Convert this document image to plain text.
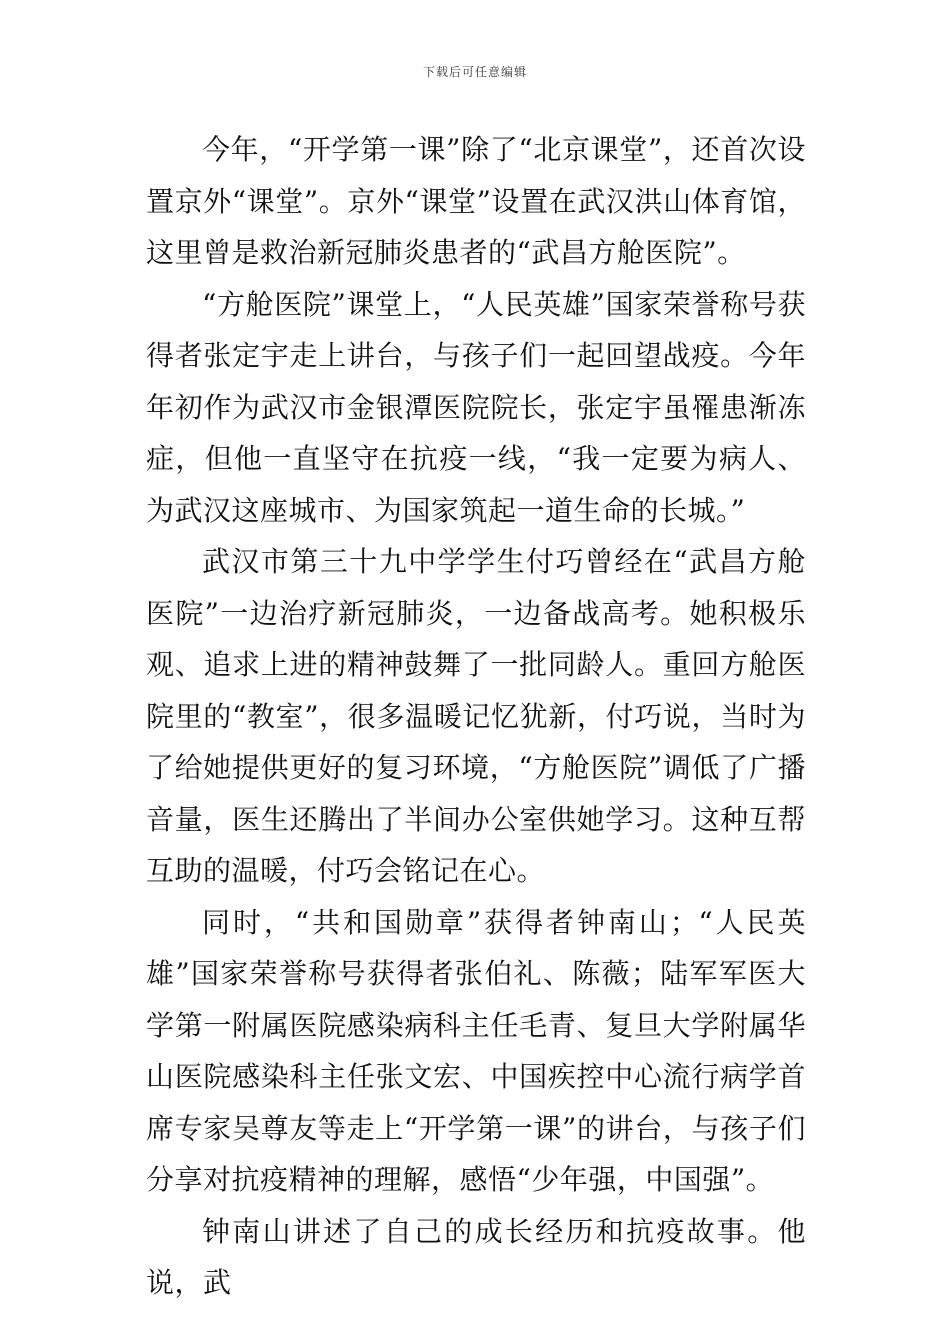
下载后可任意编辑

今年，“开学第一课”除了“北京课堂”，还首次设置京外“课堂”。京外“课堂”设置在武汉洪山体育馆，这里曾是救治新冠肺炎患者的“武昌方舱医院”。

“方舱医院”课堂上，“人民英雄”国家荣誉称号获得者张定宇走上讲台，与孩子们一起回望战疫。今年年初作为武汉市金银潭医院院长，张定宇虽罹患渐冻症，但他一直坚守在抗疫一线，“我一定要为病人、为武汉这座城市、为国家筑起一道生命的长城。”

武汉市第三十九中学学生付巧曾经在“武昌方舱医院”一边治疗新冠肺炎，一边备战高考。她积极乐观、追求上进的精神鼓舞了一批同龄人。重回方舱医院里的“教室”，很多温暖记忆犹新，付巧说，当时为了给她提供更好的复习环境，“方舱医院”调低了广播音量，医生还腾出了半间办公室供她学习。这种互帮互助的温暖，付巧会铭记在心。

同时，“共和国勋章”获得者钟南山；“人民英雄”国家荣誉称号获得者张伯礼、陈薇；陆军军医大学第一附属医院感染病科主任毛青、复旦大学附属华山医院感染科主任张文宏、中国疾控中心流行病学首席专家吴尊友等走上“开学第一课”的讲台，与孩子们分享对抗疫精神的理解，感悟“少年强，中国强”。

钟南山讲述了自己的成长经历和抗疫故事。他说，武
